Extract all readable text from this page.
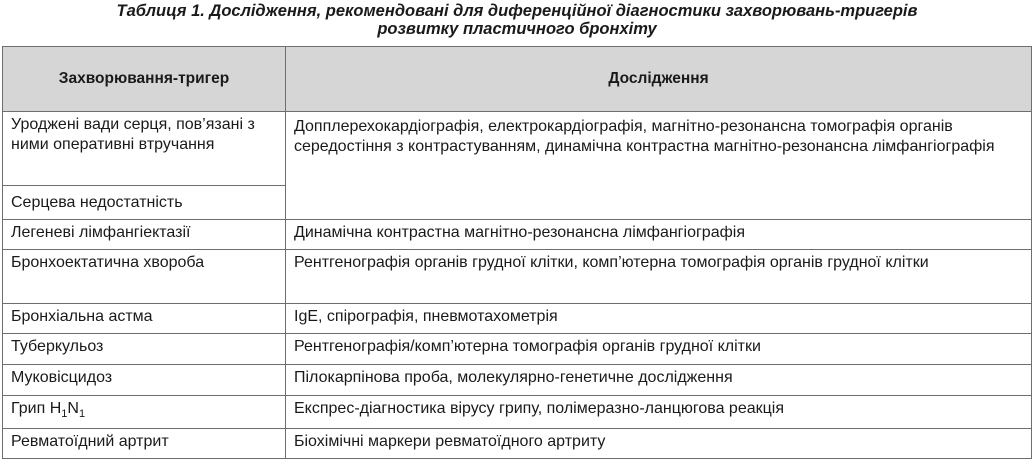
Таблиця 1. Дослідження, рекомендовані для диференційної діагностики захворювань-тригерів
розвитку пластичного бронхіту
Захворювання-тригер	Дослідження
Уроджені вади серця, пов’язані з ними оперативні втручання	Допплерехокардіографія, електрокардіографія, магнітно-резонансна томографія органів середостіння з контрастуванням, динамічна контрастна магнітно-резонансна лімфангіографія
Серцева недостатність	
Легеневі лімфангіектазії	Динамічна контрастна магнітно-резонансна лімфангіографія
Бронхоектатична хвороба	Рентгенографія органів грудної клітки, комп’ютерна томографія органів грудної клітки
Бронхіальна астма	IgE, спірографія, пневмотахометрія
Туберкульоз	Рентгенографія/комп’ютерна томографія органів грудної клітки
Муковісцидоз	Пілокарпінова проба, молекулярно-генетичне дослідження
Грип $H_1N_1$	Експрес-діагностика вірусу грипу, полімеразно-ланцюгова реакція
Ревматоїдний артрит	Біохімічні маркери ревматоїдного артриту
